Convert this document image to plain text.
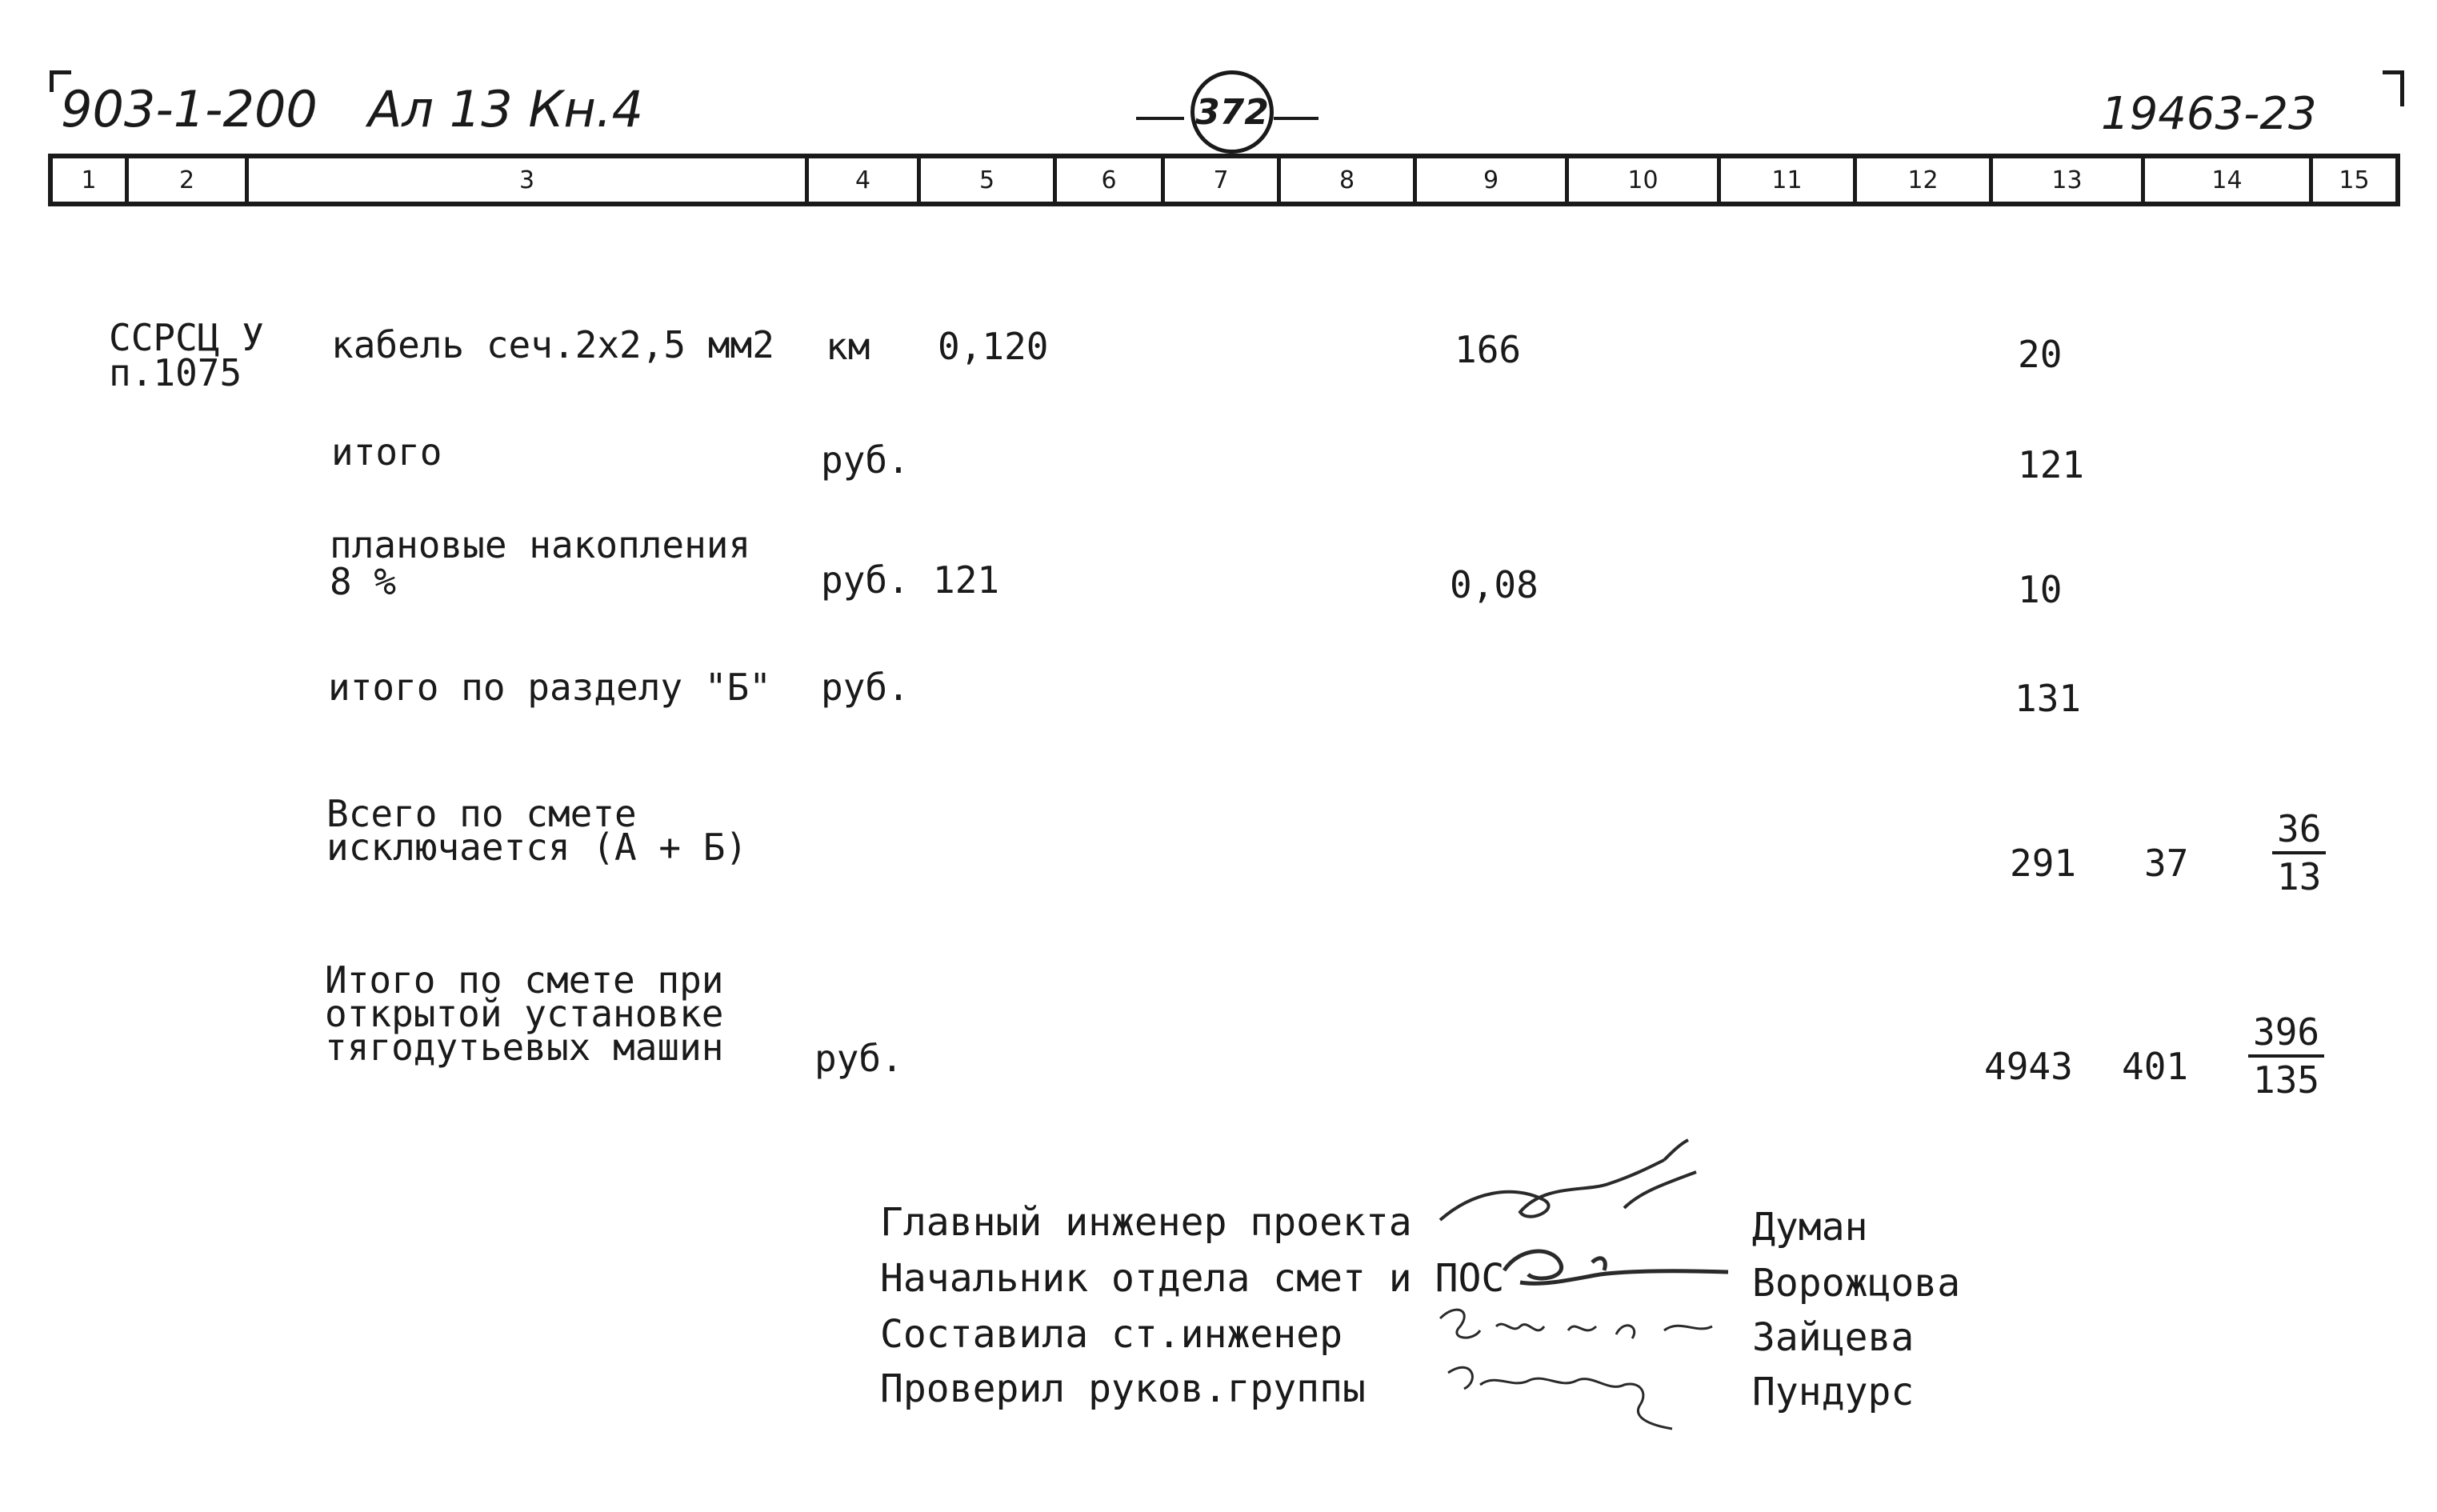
903-1-200 Ал 13 Кн.4	372	19463-23
1	2	3	4	5	6	7	8	9	10	11	12	13	14	15
ССРСЦ У
п.1075
кабель сеч.2х2,5 мм2 км 0,120	166	20
итого	руб.	121
плановые накопления
8 %	руб. 121	0,08	10
итого по разделу "Б" руб.	131
Всего по смете
исключается (А + Б)	291 $37 \frac{36}{13}$
Итого по смете при
открытой установке
тягодутьевых машин руб.	4943 $401 \frac{396}{135}$
Главный инженер проекта
Начальник отдела смет и ПОС
Составила ст.инженер
Проверил руков.группы
Думан
Ворожцова
Зайцева
Пундурс
